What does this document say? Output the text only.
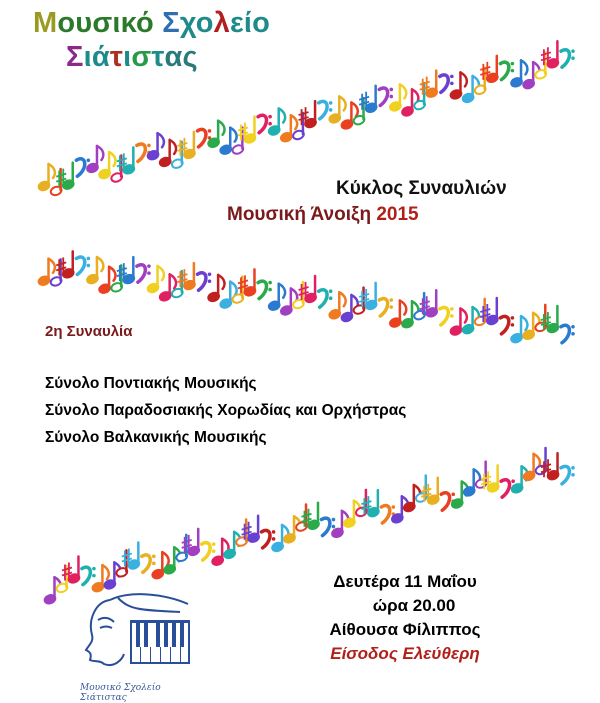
Μουσικό Σχολείο
Σιάτιστας
Κύκλος Συναυλιών
Μουσική Άνοιξη 2015
2η Συναυλία
Σύνολο Ποντιακής Μουσικής
Σύνολο Παραδοσιακής Χορωδίας και Ορχήστρας
Σύνολο Βαλκανικής Μουσικής
Δευτέρα 11 Μαΐου
ώρα 20.00
Αίθουσα Φίλιππος
Είσοδος Ελεύθερη
Μουσικό Σχολείο Σιάτιστας
